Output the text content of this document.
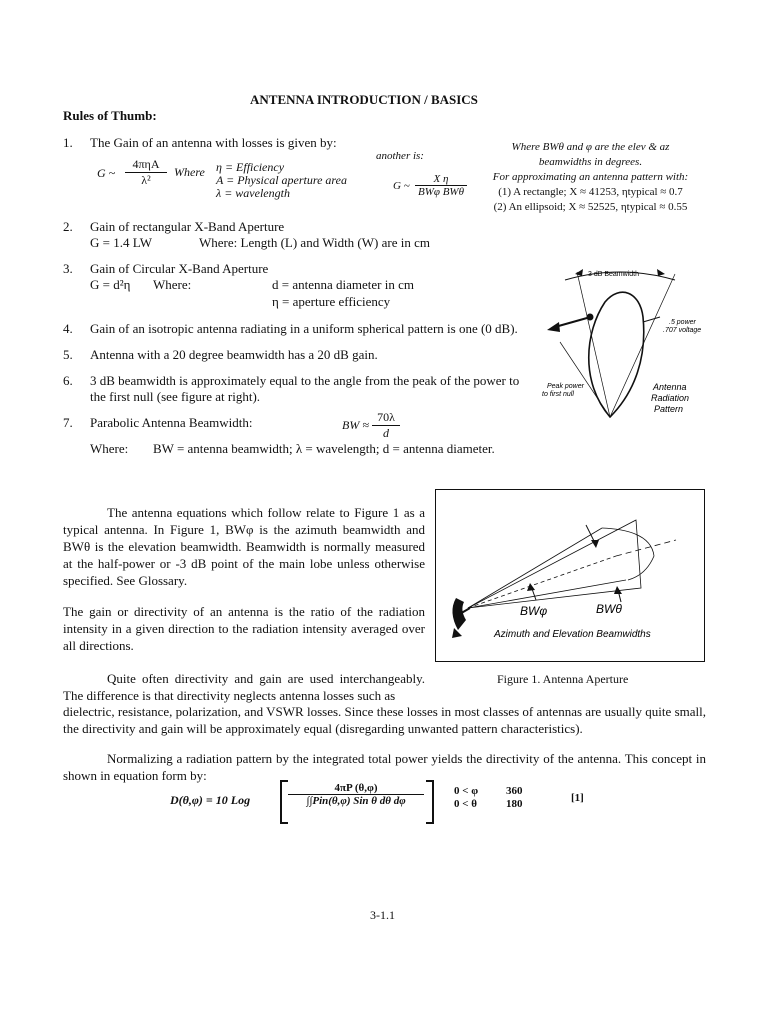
ANTENNA INTRODUCTION / BASICS
Rules of Thumb:
1. The Gain of an antenna with losses is given by:
G ~
4πηA
λ²
Where η = Efficiency
A = Physical aperture area
λ = wavelength
another is:
G ~
X η
BWφ BWθ
Where BWθ and φ are the elev & az
beamwidths in degrees.
For approximating an antenna pattern with:
(1) A rectangle; X ≈ 41253, ηtypical ≈ 0.7
(2) An ellipsoid; X ≈ 52525, ηtypical ≈ 0.55
2. Gain of rectangular X-Band Aperture
G = 1.4 LW	Where: Length (L) and Width (W) are in cm
3. Gain of Circular X-Band Aperture
G = d²η Where:	d = antenna diameter in cm
η = aperture efficiency
4. Gain of an isotropic antenna radiating in a uniform spherical pattern is one (0 dB).
5. Antenna with a 20 degree beamwidth has a 20 dB gain.
6. 3 dB beamwidth is approximately equal to the angle from the peak of the power to
the first null (see figure at right).
7. Parabolic Antenna Beamwidth:	BW ≈ $\frac{70\lambda}{d}$
Where: BW = antenna beamwidth; λ = wavelength; d = antenna diameter.
3 dB Beamwidth
.5 power
.707 voltage
Peak power
to first null
Antenna
Radiation
Pattern
The antenna equations which follow relate to Figure 1 as a typical antenna. In Figure 1, BWφ is the azimuth beamwidth and BWθ is the elevation beamwidth. Beamwidth is normally measured at the half-power or -3 dB point of the main lobe unless otherwise specified. See Glossary.
The gain or directivity of an antenna is the ratio of the radiation intensity in a given direction to the radiation intensity averaged over all directions.
Quite often directivity and gain are used interchangeably. The difference is that directivity neglects antenna losses such as
dielectric, resistance, polarization, and VSWR losses. Since these losses in most classes of antennas are usually quite small, the directivity and gain will be approximately equal (disregarding unwanted pattern characteristics).
BWφ	BWθ
Azimuth and Elevation Beamwidths
Figure 1. Antenna Aperture
Normalizing a radiation pattern by the integrated total power yields the directivity of the antenna. This concept in shown in equation form by:
D(θ,φ) = 10 Log
4πP (θ,φ)
∫∫Pin(θ,φ) Sin θ dθ dφ
0 < φ	360
0 < θ	180	[1]
3-1.1
